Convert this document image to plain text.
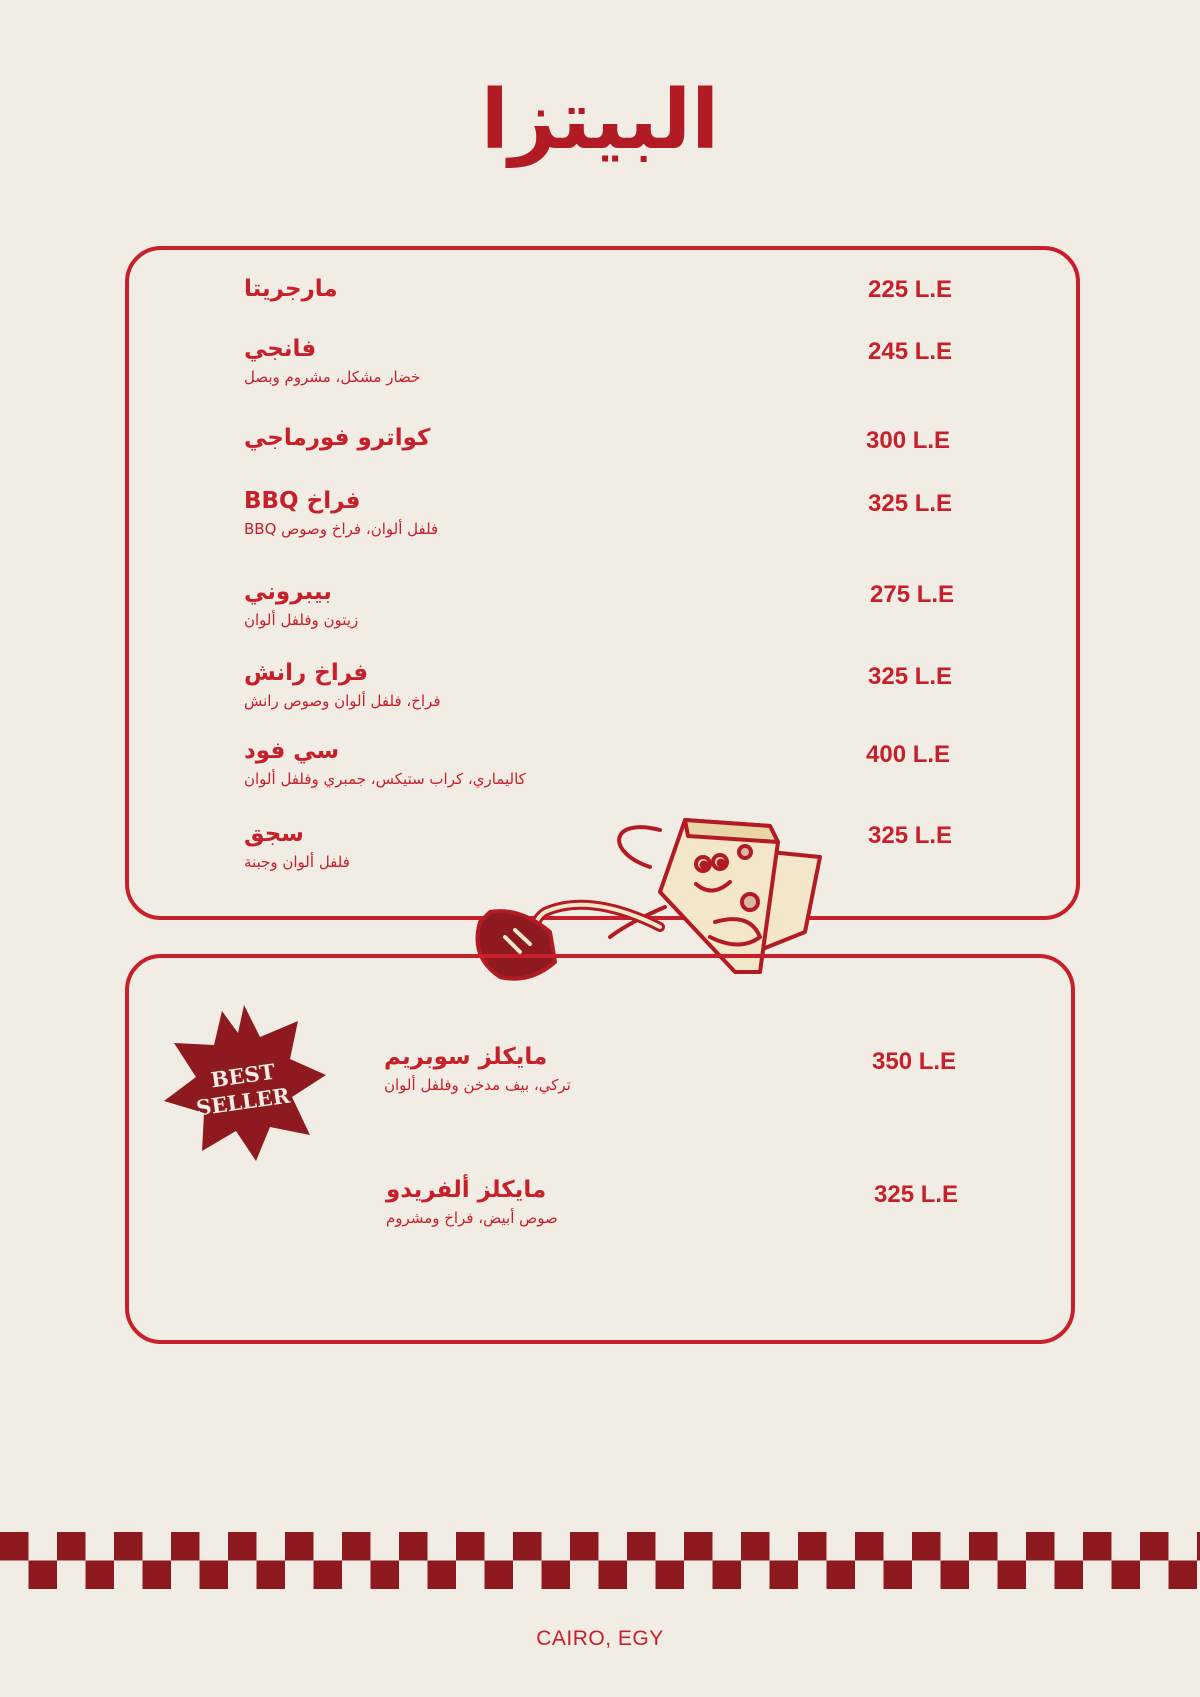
البيتزا
مارجريتا	225 L.E
فانجي
خضار مشكل، مشروم وبصل
245 L.E
كواترو فورماجي	300 L.E
فراخ BBQ
BBQ فلفل ألوان، فراخ وصوص
325 L.E
بيبروني
زيتون وفلفل ألوان
275 L.E
فراخ رانش
فراخ، فلفل ألوان وصوص رانش
325 L.E
سي فود
كاليماري، كراب ستيكس، جمبري وفلفل ألوان
400 L.E
سجق
فلفل ألوان وجبنة
325 L.E
BEST
SELLER
مايكلز سوبريم
تركي، بيف مدخن وفلفل ألوان
350 L.E
مايكلز ألفريدو
صوص أبيض، فراخ ومشروم
325 L.E
CAIRO, EGY
